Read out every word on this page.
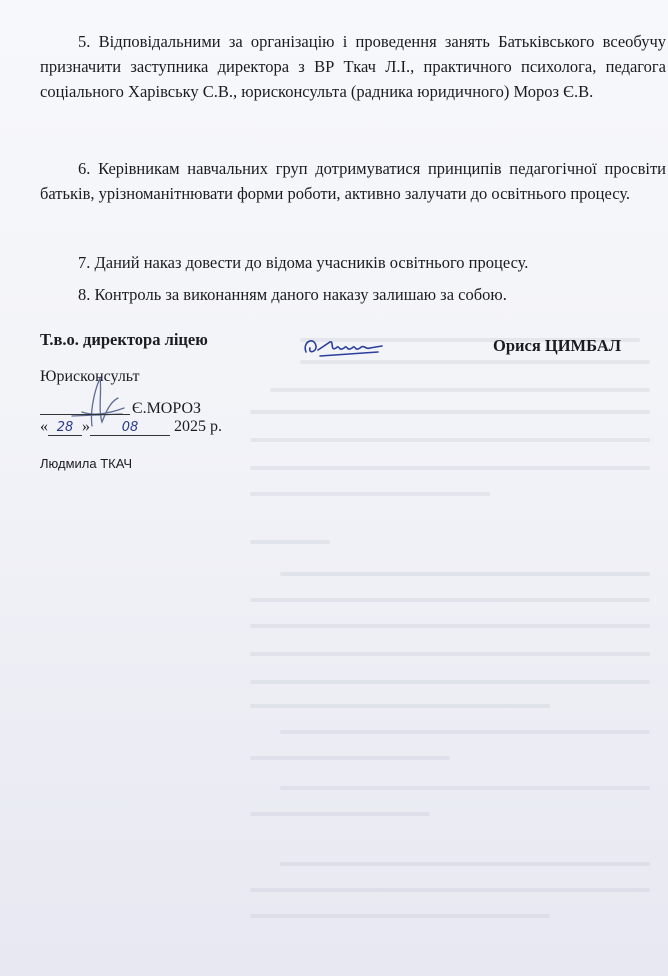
5. Відповідальними за організацію і проведення занять Батьківського всеобучу призначити заступника директора з ВР Ткач Л.І., практичного психолога, педагога соціального Харівську С.В., юрисконсульта (радника юридичного) Мороз Є.В.

6. Керівникам навчальних груп дотримуватися принципів педагогічної просвіти батьків, урізноманітнювати форми роботи, активно залучати до освітнього процесу.

7. Даний наказ довести до відома учасників освітнього процесу.

8. Контроль за виконанням даного наказу залишаю за собою.

Т.в.о. директора ліцею	Орися ЦИМБАЛ
Юрисконсульт
Є.МОРОЗ
« 28 » 08 2025 р.
Людмила ТКАЧ
